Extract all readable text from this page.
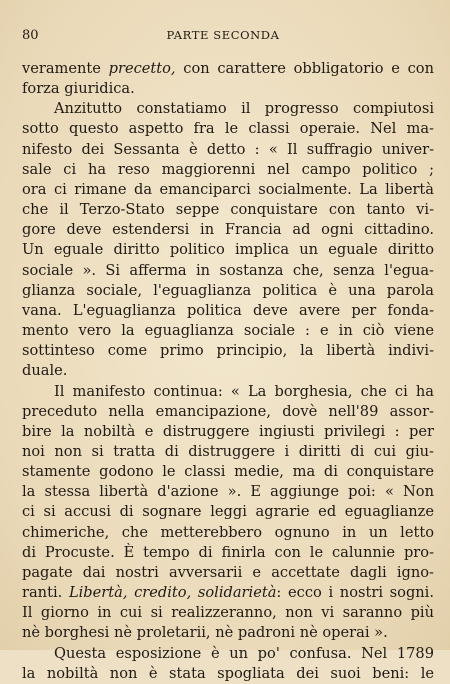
80	PARTE SECONDA
veramente precetto, con carattere obbligatorio e con
forza giuridica.
Anzitutto constatiamo il progresso compiutosi
sotto questo aspetto fra le classi operaie. Nel ma-
nifesto dei Sessanta è detto : « Il suffragio univer-
sale ci ha reso maggiorenni nel campo politico ;
ora ci rimane da emanciparci socialmente. La libertà
che il Terzo-Stato seppe conquistare con tanto vi-
gore deve estendersi in Francia ad ogni cittadino.
Un eguale diritto politico implica un eguale diritto
sociale ». Si afferma in sostanza che, senza l'egua-
glianza sociale, l'eguaglianza politica è una parola
vana. L'eguaglianza politica deve avere per fonda-
mento vero la eguaglianza sociale : e in ciò viene
sottinteso come primo principio, la libertà indivi-
duale.
Il manifesto continua: « La borghesia, che ci ha
preceduto nella emancipazione, dovè nell'89 assor-
bire la nobiltà e distruggere ingiusti privilegi : per
noi non si tratta di distruggere i diritti di cui giu-
stamente godono le classi medie, ma di conquistare
la stessa libertà d'azione ». E aggiunge poi: « Non
ci si accusi di sognare leggi agrarie ed eguaglianze
chimeriche, che metterebbero ognuno in un letto
di Procuste. È tempo di finirla con le calunnie pro-
pagate dai nostri avversarii e accettate dagli igno-
ranti. Libertà, credito, solidarietà: ecco i nostri sogni.
Il giorno in cui si realizzeranno, non vi saranno più
nè borghesi nè proletarii, nè padroni nè operai ».
Questa esposizione è un po' confusa. Nel 1789
la nobiltà non è stata spogliata dei suoi beni: le
